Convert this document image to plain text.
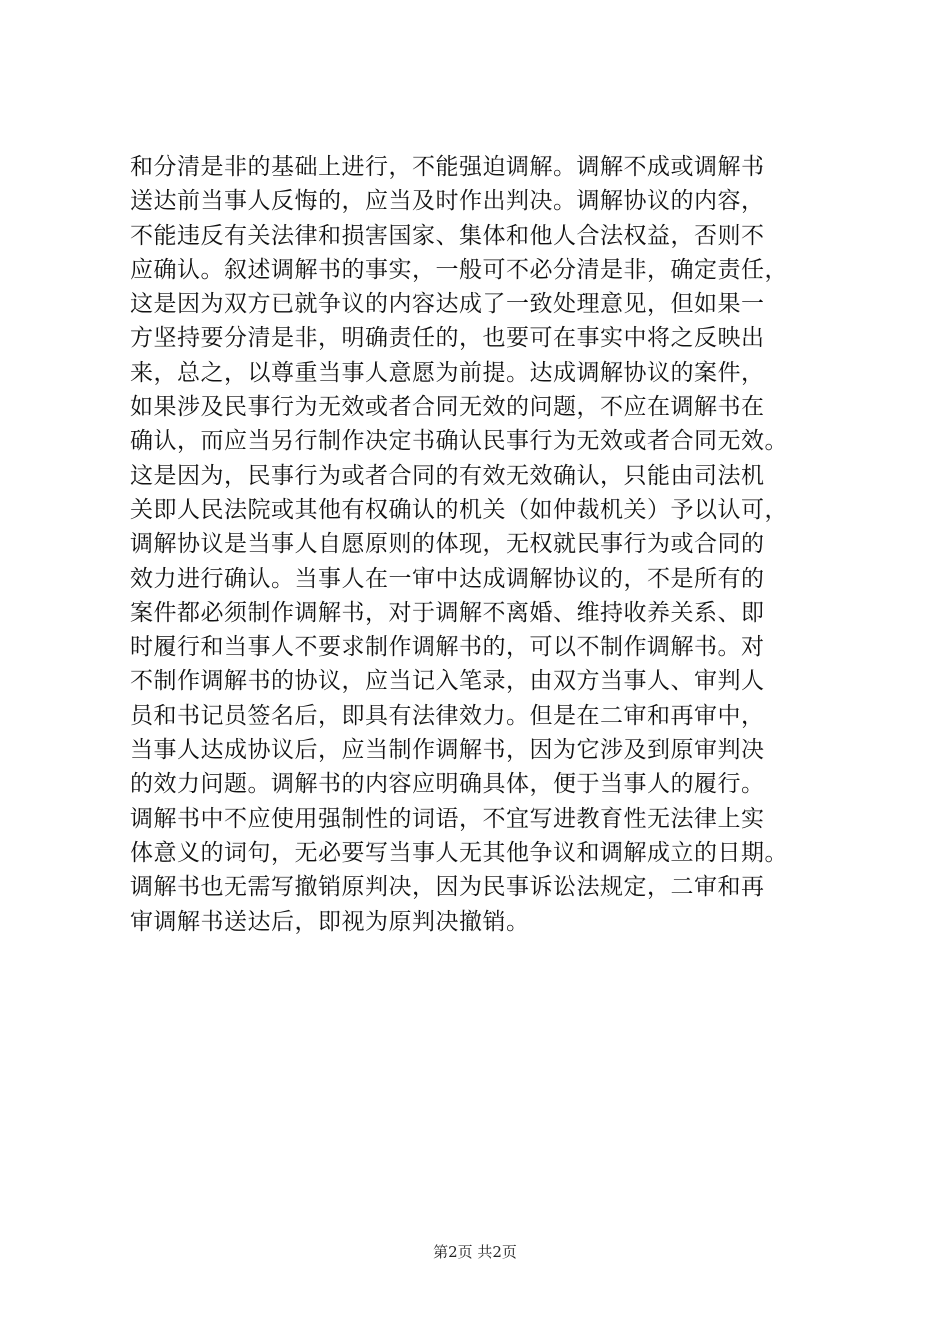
和分清是非的基础上进行，不能强迫调解。调解不成或调解书
送达前当事人反悔的，应当及时作出判决。调解协议的内容，
不能违反有关法律和损害国家、集体和他人合法权益，否则不
应确认。叙述调解书的事实，一般可不必分清是非，确定责任，
这是因为双方已就争议的内容达成了一致处理意见，但如果一
方坚持要分清是非，明确责任的，也要可在事实中将之反映出
来，总之，以尊重当事人意愿为前提。达成调解协议的案件，
如果涉及民事行为无效或者合同无效的问题，不应在调解书在
确认，而应当另行制作决定书确认民事行为无效或者合同无效。
这是因为，民事行为或者合同的有效无效确认，只能由司法机
关即人民法院或其他有权确认的机关（如仲裁机关）予以认可，
调解协议是当事人自愿原则的体现，无权就民事行为或合同的
效力进行确认。当事人在一审中达成调解协议的，不是所有的
案件都必须制作调解书，对于调解不离婚、维持收养关系、即
时履行和当事人不要求制作调解书的，可以不制作调解书。对
不制作调解书的协议，应当记入笔录，由双方当事人、审判人
员和书记员签名后，即具有法律效力。但是在二审和再审中，
当事人达成协议后，应当制作调解书，因为它涉及到原审判决
的效力问题。调解书的内容应明确具体，便于当事人的履行。
调解书中不应使用强制性的词语，不宜写进教育性无法律上实
体意义的词句，无必要写当事人无其他争议和调解成立的日期。
调解书也无需写撤销原判决，因为民事诉讼法规定，二审和再
审调解书送达后，即视为原判决撤销。
第2页 共2页
